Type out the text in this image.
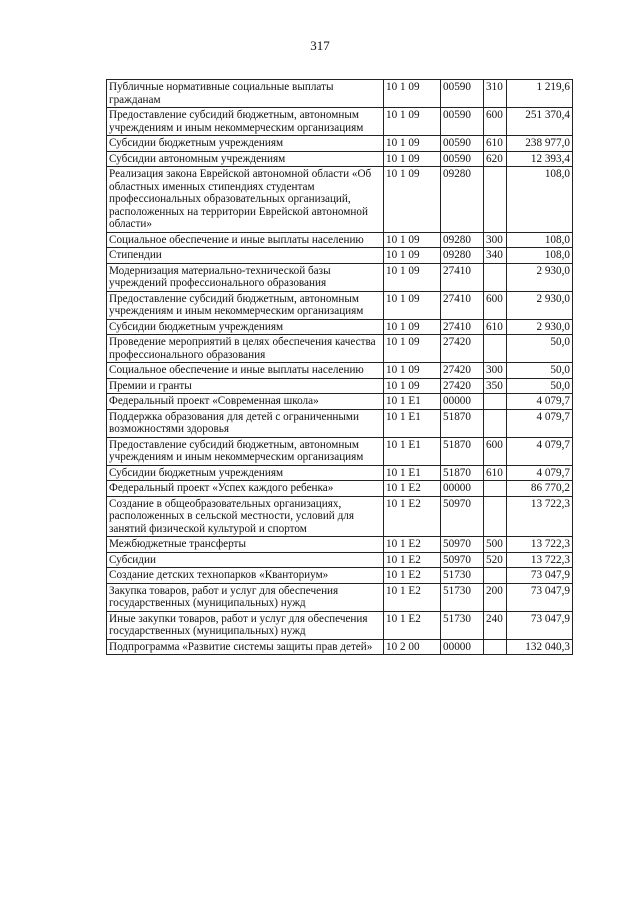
317
Публичные нормативные социальные выплаты гражданам	10 1 09	00590	310	1 219,6
Предоставление субсидий бюджетным, автономным учреждениям и иным некоммерческим организациям	10 1 09	00590	600	251 370,4
Субсидии бюджетным учреждениям	10 1 09	00590	610	238 977,0
Субсидии автономным учреждениям	10 1 09	00590	620	12 393,4
Реализация закона Еврейской автономной области «Об областных именных стипендиях студентам профессиональных образовательных организаций, расположенных на территории Еврейской автономной области»	10 1 09	09280		108,0
Социальное обеспечение и иные выплаты населению	10 1 09	09280	300	108,0
Стипендии	10 1 09	09280	340	108,0
Модернизация материально-технической базы учреждений профессионального образования	10 1 09	27410		2 930,0
Предоставление субсидий бюджетным, автономным учреждениям и иным некоммерческим организациям	10 1 09	27410	600	2 930,0
Субсидии бюджетным учреждениям	10 1 09	27410	610	2 930,0
Проведение мероприятий в целях обеспечения качества профессионального образования	10 1 09	27420		50,0
Социальное обеспечение и иные выплаты населению	10 1 09	27420	300	50,0
Премии и гранты	10 1 09	27420	350	50,0
Федеральный проект «Современная школа»	10 1 E1	00000		4 079,7
Поддержка образования для детей с ограниченными возможностями здоровья	10 1 E1	51870		4 079,7
Предоставление субсидий бюджетным, автономным учреждениям и иным некоммерческим организациям	10 1 E1	51870	600	4 079,7
Субсидии бюджетным учреждениям	10 1 E1	51870	610	4 079,7
Федеральный проект «Успех каждого ребенка»	10 1 E2	00000		86 770,2
Создание в общеобразовательных организациях, расположенных в сельской местности, условий для занятий физической культурой и спортом	10 1 E2	50970		13 722,3
Межбюджетные трансферты	10 1 E2	50970	500	13 722,3
Субсидии	10 1 E2	50970	520	13 722,3
Создание детских технопарков «Кванториум»	10 1 E2	51730		73 047,9
Закупка товаров, работ и услуг для обеспечения государственных (муниципальных) нужд	10 1 E2	51730	200	73 047,9
Иные закупки товаров, работ и услуг для обеспечения государственных (муниципальных) нужд	10 1 E2	51730	240	73 047,9
Подпрограмма «Развитие системы защиты прав детей»	10 2 00	00000		132 040,3
